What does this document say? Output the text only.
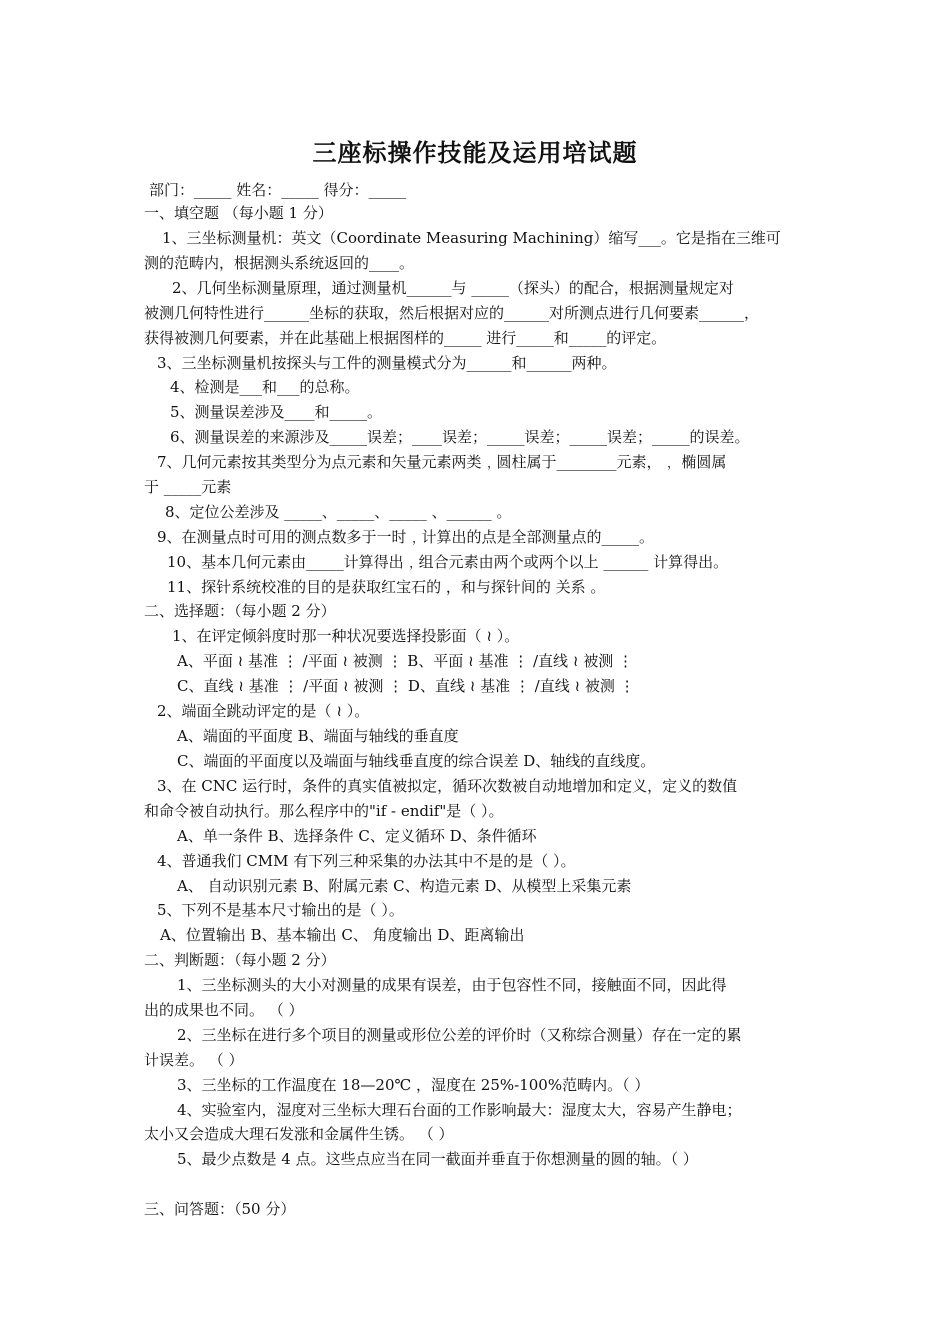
三座标操作技能及运用培试题
部门：_____ 姓名：_____ 得分：_____
一、填空题 （每小题 1 分）
1、三坐标测量机：英文（Coordinate Measuring Machining）缩写___。它是指在三维可
测的范畴内，根据测头系统返回的____。
2、几何坐标测量原理，通过测量机______与 _____（探头）的配合，根据测量规定对
被测几何特性进行______坐标的获取，然后根据对应的______对所测点进行几何要素______，
获得被测几何要素，并在此基础上根据图样的_____ 进行_____和_____的评定。
3、三坐标测量机按探头与工件的测量模式分为______和______两种。
4、检测是___和___的总称。
5、测量误差涉及____和_____。
6、测量误差的来源涉及_____误差；____误差；_____误差；_____误差；_____的误差。
7、几何元素按其类型分为点元素和矢量元素两类﹐圆柱属于________元素，﹐ 椭圆属
于 _____元素
8、定位公差涉及 _____、_____、_____ 、______ 。
9、在测量点时可用的测点数多于一时﹐计算出的点是全部测量点的_____。
10、基本几何元素由_____计算得出﹐组合元素由两个或两个以上 ______ 计算得出。
11、探针系统校准的目的是获取红宝石的 ，和与探针间的 关系 。
二、选择题：（每小题 2 分）
1、在评定倾斜度时那一种状况要选择投影面（ ≀ ）。
A、平面 ≀ 基准 ⋮ /平面 ≀ 被测 ⋮ B、平面 ≀ 基准 ⋮ /直线 ≀ 被测 ⋮
C、直线 ≀ 基准 ⋮ /平面 ≀ 被测 ⋮ D、直线 ≀ 基准 ⋮ /直线 ≀ 被测 ⋮
2、端面全跳动评定的是（ ≀ ）。
A、端面的平面度 B、端面与轴线的垂直度
C、端面的平面度以及端面与轴线垂直度的综合误差 D、轴线的直线度。
3、在 CNC 运行时，条件的真实值被拟定，循环次数被自动地增加和定义，定义的数值
和命令被自动执行。那么程序中的"if - endif"是（ ）。
A、单一条件 B、选择条件 C、定义循环 D、条件循环
4、普通我们 CMM 有下列三种采集的办法其中不是的是（ ）。
A、 自动识别元素 B、附属元素 C、构造元素 D、从模型上采集元素
5、下列不是基本尺寸输出的是（ ）。
A、位置输出 B、基本输出 C、 角度输出 D、距离输出
二、判断题：（每小题 2 分）
1、三坐标测头的大小对测量的成果有误差，由于包容性不同，接触面不同，因此得
出的成果也不同。 （ ）
2、三坐标在进行多个项目的测量或形位公差的评价时（又称综合测量）存在一定的累
计误差。 （ ）
3、三坐标的工作温度在 18—20℃ ，湿度在 25%-100%范畴内。（ ）
4、实验室内，湿度对三坐标大理石台面的工作影响最大：湿度太大，容易产生静电；
太小又会造成大理石发涨和金属件生锈。 （ ）
5、最少点数是 4 点。这些点应当在同一截面并垂直于你想测量的圆的轴。（ ）
三、问答题：（50 分）
